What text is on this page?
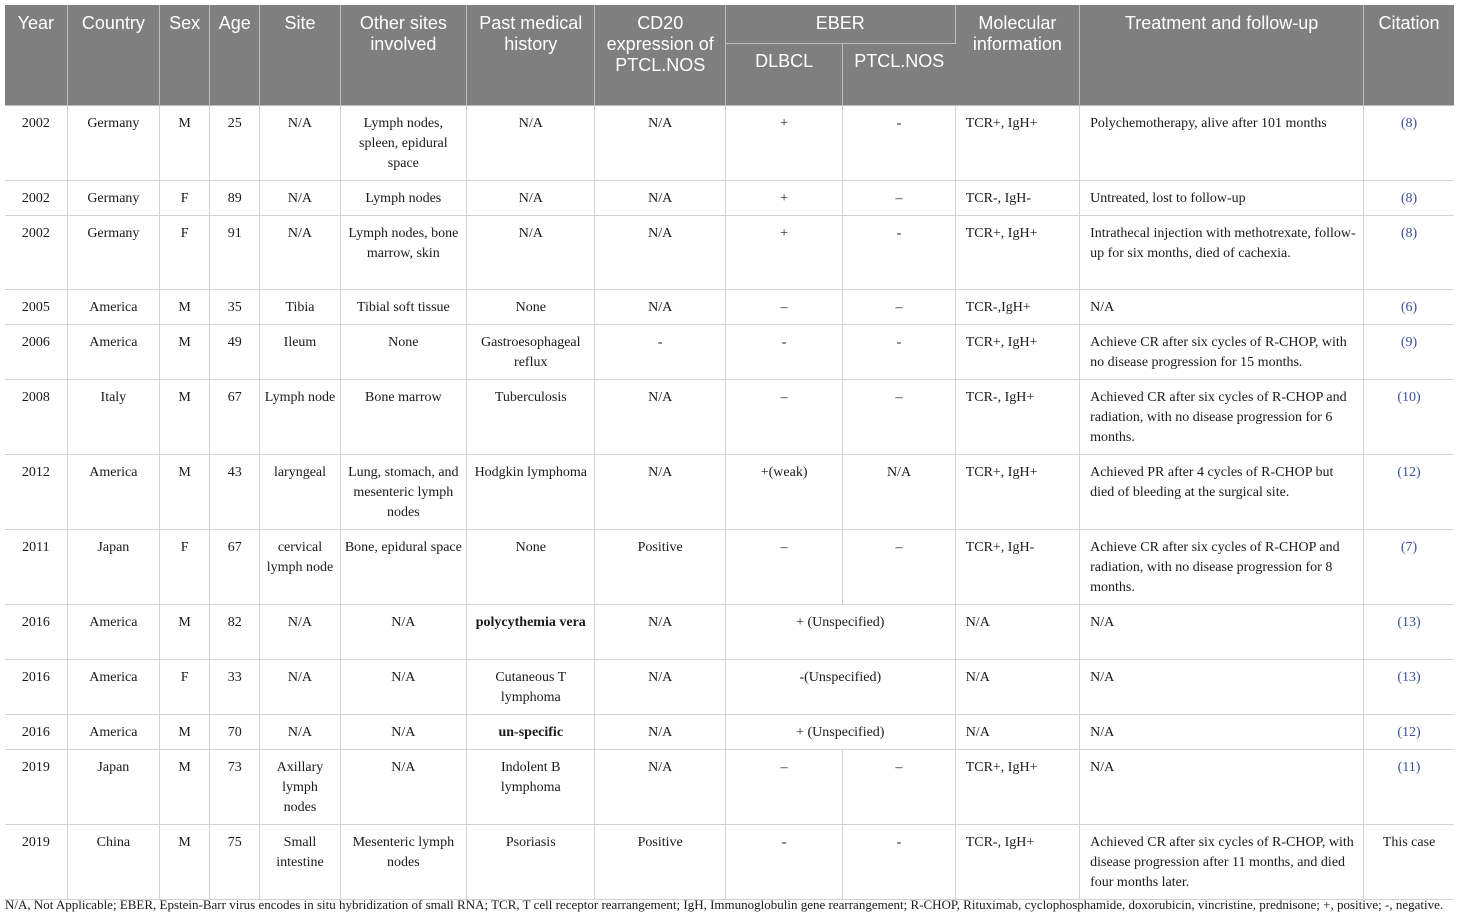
Year	Country	Sex	Age	Site	Other sites involved	Past medical history	CD20 expression of PTCL.NOS	EBER		Molecular information	Treatment and follow-up	Citation
								DLBCL	PTCL.NOS			
2002	Germany	M	25	N/A	Lymph nodes, spleen, epidural space	N/A	N/A	+	-	TCR+, IgH+	Polychemotherapy, alive after 101 months	(8)
2002	Germany	F	89	N/A	Lymph nodes	N/A	N/A	+	–	TCR-, IgH-	Untreated, lost to follow-up	(8)
2002	Germany	F	91	N/A	Lymph nodes, bone marrow, skin	N/A	N/A	+	-	TCR+, IgH+	Intrathecal injection with methotrexate, follow-up for six months, died of cachexia.	(8)
2005	America	M	35	Tibia	Tibial soft tissue	None	N/A	–	–	TCR-,IgH+	N/A	(6)
2006	America	M	49	Ileum	None	Gastroesophageal reflux	-	-	-	TCR+, IgH+	Achieve CR after six cycles of R-CHOP, with no disease progression for 15 months.	(9)
2008	Italy	M	67	Lymph node	Bone marrow	Tuberculosis	N/A	–	–	TCR-, IgH+	Achieved CR after six cycles of R-CHOP and radiation, with no disease progression for 6 months.	(10)
2012	America	M	43	laryngeal	Lung, stomach, and mesenteric lymph nodes	Hodgkin lymphoma	N/A	+(weak)	N/A	TCR+, IgH+	Achieved PR after 4 cycles of R-CHOP but died of bleeding at the surgical site.	(12)
2011	Japan	F	67	cervical lymph node	Bone, epidural space	None	Positive	–	–	TCR+, IgH-	Achieve CR after six cycles of R-CHOP and radiation, with no disease progression for 8 months.	(7)
2016	America	M	82	N/A	N/A	polycythemia vera	N/A	+ (Unspecified)		N/A	N/A	(13)
2016	America	F	33	N/A	N/A	Cutaneous T lymphoma	N/A	-(Unspecified)		N/A	N/A	(13)
2016	America	M	70	N/A	N/A	un-specific	N/A	+ (Unspecified)		N/A	N/A	(12)
2019	Japan	M	73	Axillary lymph nodes	N/A	Indolent B lymphoma	N/A	–	–	TCR+, IgH+	N/A	(11)
2019	China	M	75	Small intestine	Mesenteric lymph nodes	Psoriasis	Positive	-	-	TCR-, IgH+	Achieved CR after six cycles of R-CHOP, with disease progression after 11 months, and died four months later.	This case
N/A, Not Applicable; EBER, Epstein-Barr virus encodes in situ hybridization of small RNA; TCR, T cell receptor rearrangement; IgH, Immunoglobulin gene rearrangement; R-CHOP, Rituximab, cyclophosphamide, doxorubicin, vincristine, prednisone; +, positive; -, negative.
